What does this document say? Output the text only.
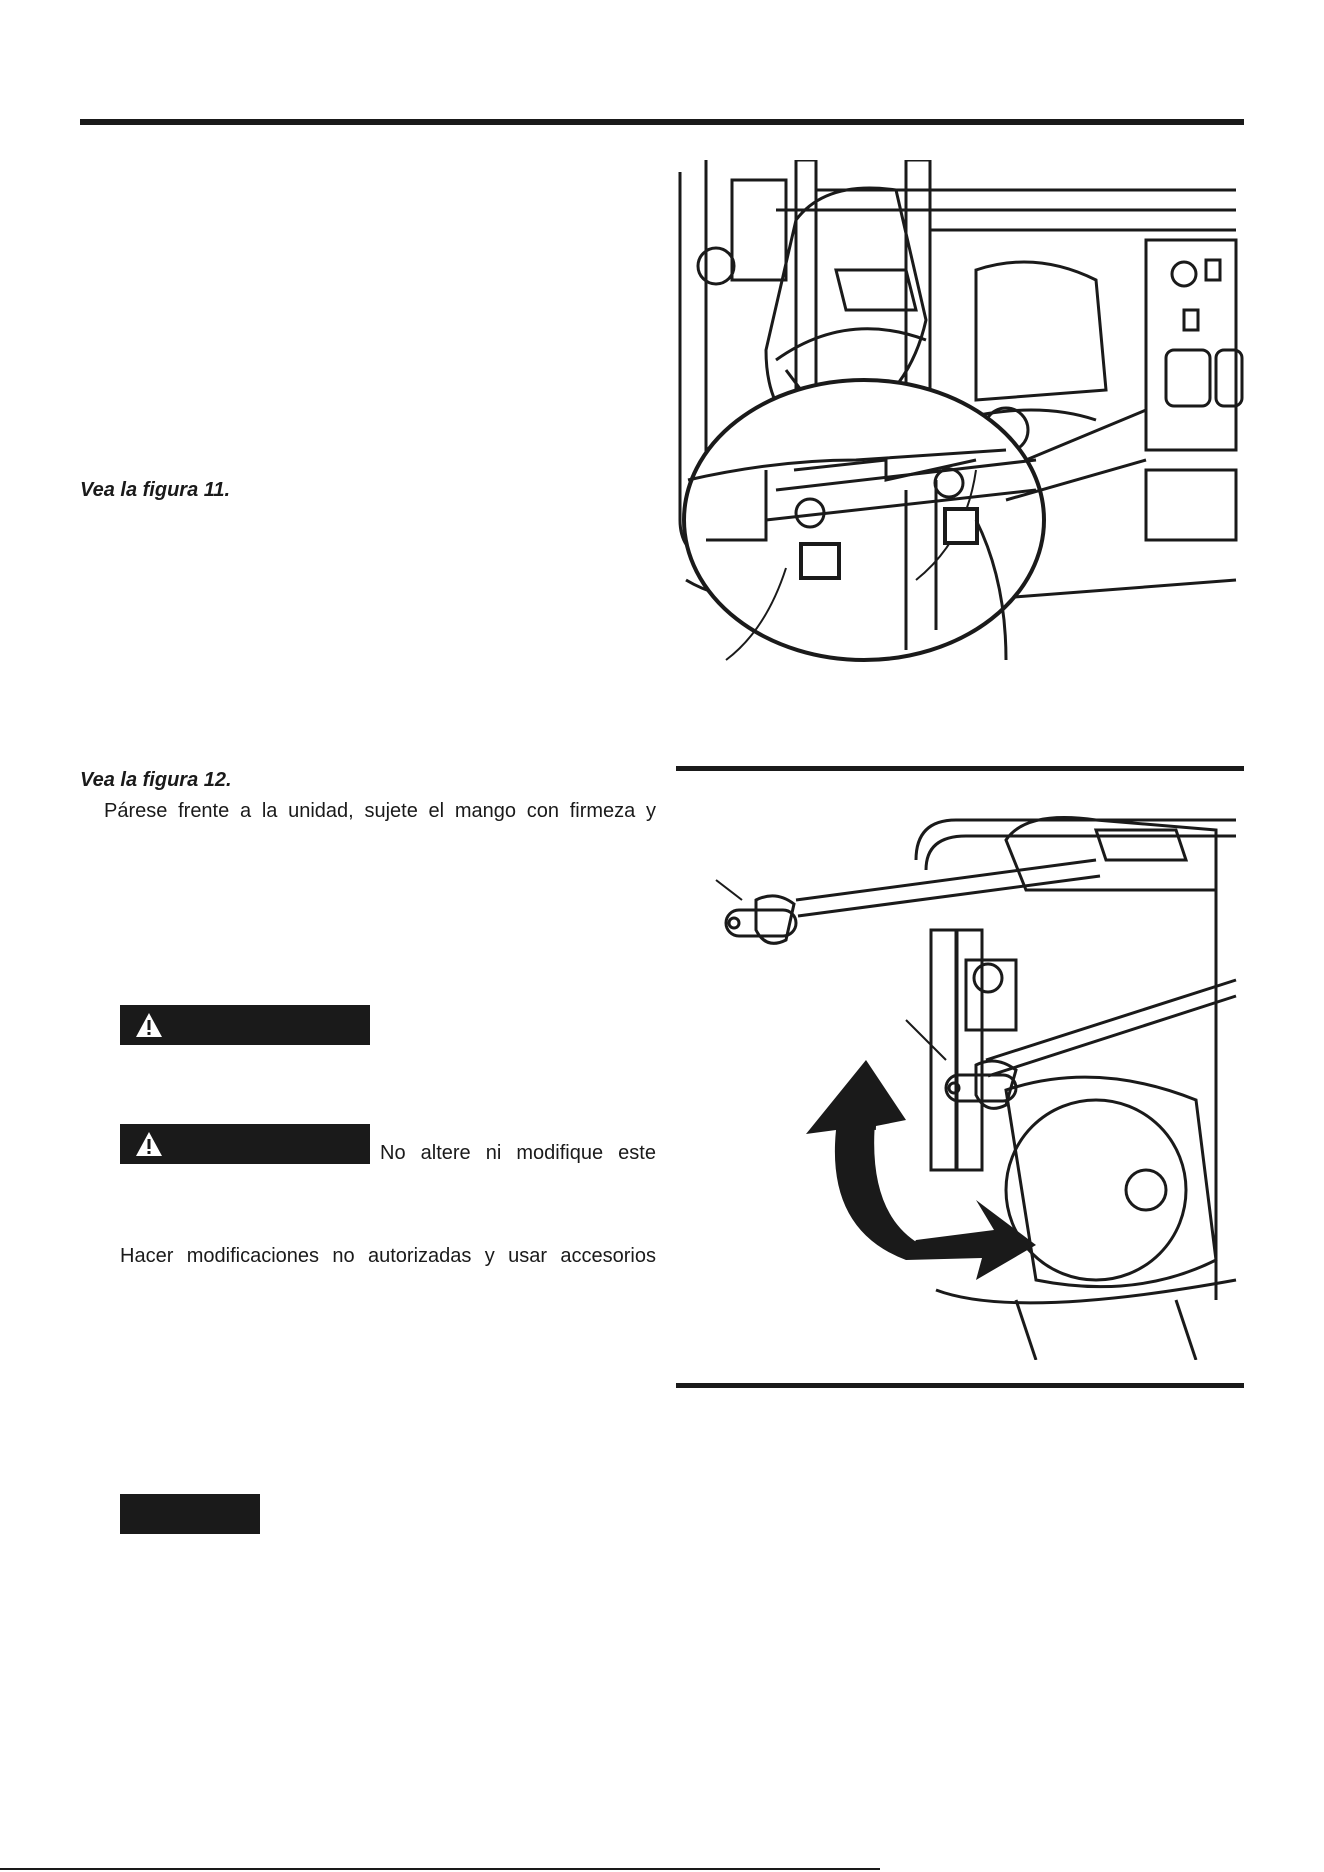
Vea la figura 11.
Vea la figura 12.
Párese frente a la unidad, sujete el mango con firmeza y
No altere ni modifique este
Hacer modificaciones no autorizadas y usar accesorios
